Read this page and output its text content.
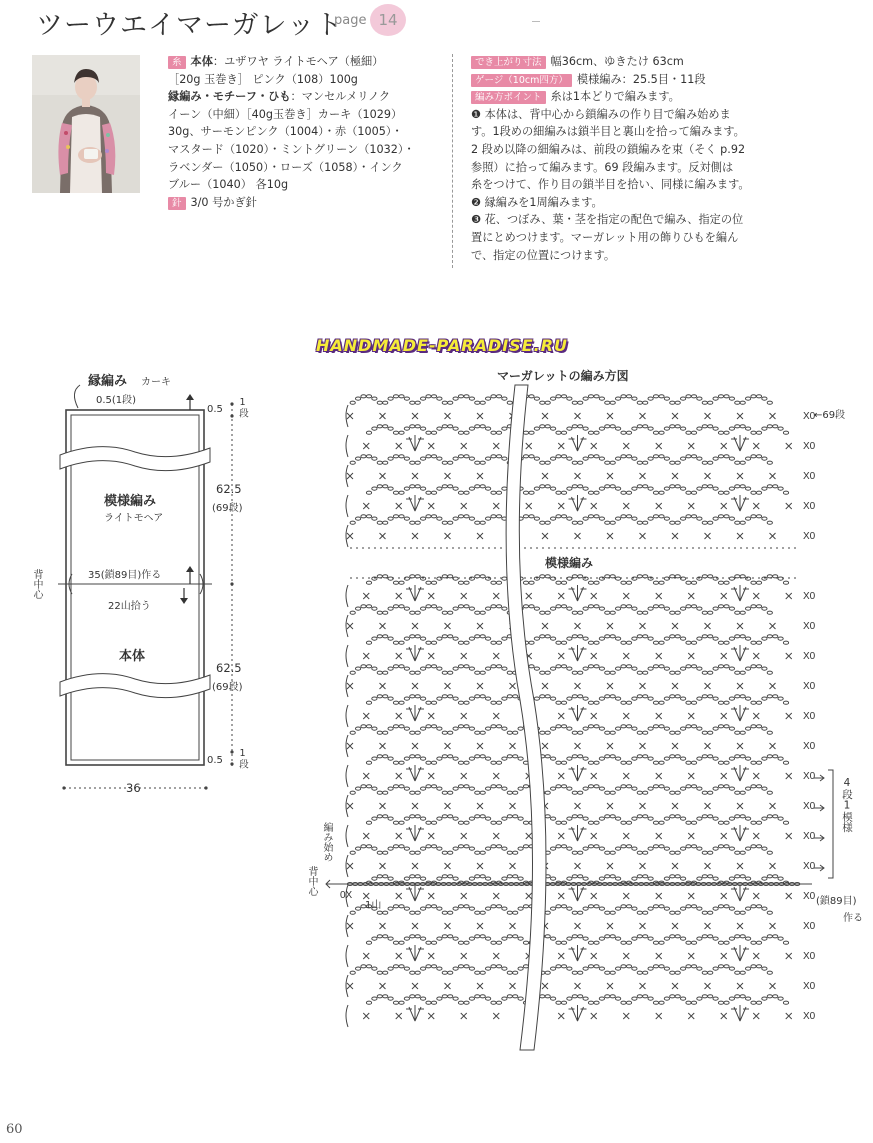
ツーウエイマーガレット
page 14
糸 本体：ユザワヤ ライトモヘア（極細）
［20g 玉巻き］ ピンク（108）100g
縁編み・モチーフ・ひも：マンセルメリノク
イーン（中細）［40g玉巻き］カーキ（1029）
30g、サーモンピンク（1004）・赤（1005）・
マスタード（1020）・ミントグリーン（1032）・
ラベンダー（1050）・ローズ（1058）・インク
ブルー（1040） 各10g
針 3/0 号かぎ針
でき上がり寸法 幅36cm、ゆきたけ 63cm
ゲージ（10cm四方） 模様編み：25.5目・11段
編み方ポイント 糸は1本どりで編みます。
❶ 本体は、背中心から鎖編みの作り目で編み始めま
す。1段めの細編みは鎖半目と裏山を拾って編みます。
2 段め以降の細編みは、前段の鎖編みを束（そく p.92
参照）に拾って編みます。69 段編みます。反対側は
糸をつけて、作り目の鎖半目を拾い、同様に編みます。
❷ 縁編みを1周編みます。
❸ 花、つぼみ、葉・茎を指定の配色で編み、指定の位
置にとめつけます。マーガレット用の飾りひもを編ん
で、指定の位置につけます。
HANDMADE-PARADISE.RU
縁編み カーキ
0.5(1段)
0.5 1段
模様編み
ライトモヘア
62.5
(69段)
背中心	35(鎖89目)作る
22山拾う
本体
62.5
(69段)
0.5 1段
36
マーガレットの編み方図
X0
X0
X0
X0
X0
X0
X0
X0
X0
X0
X0
X0
X0
X0
X0
X0
X0
X0
X0
X0
0X
模様編み
←69段
4段1模様
編み始め
背中心
1山	(鎖89目)
作る
60
